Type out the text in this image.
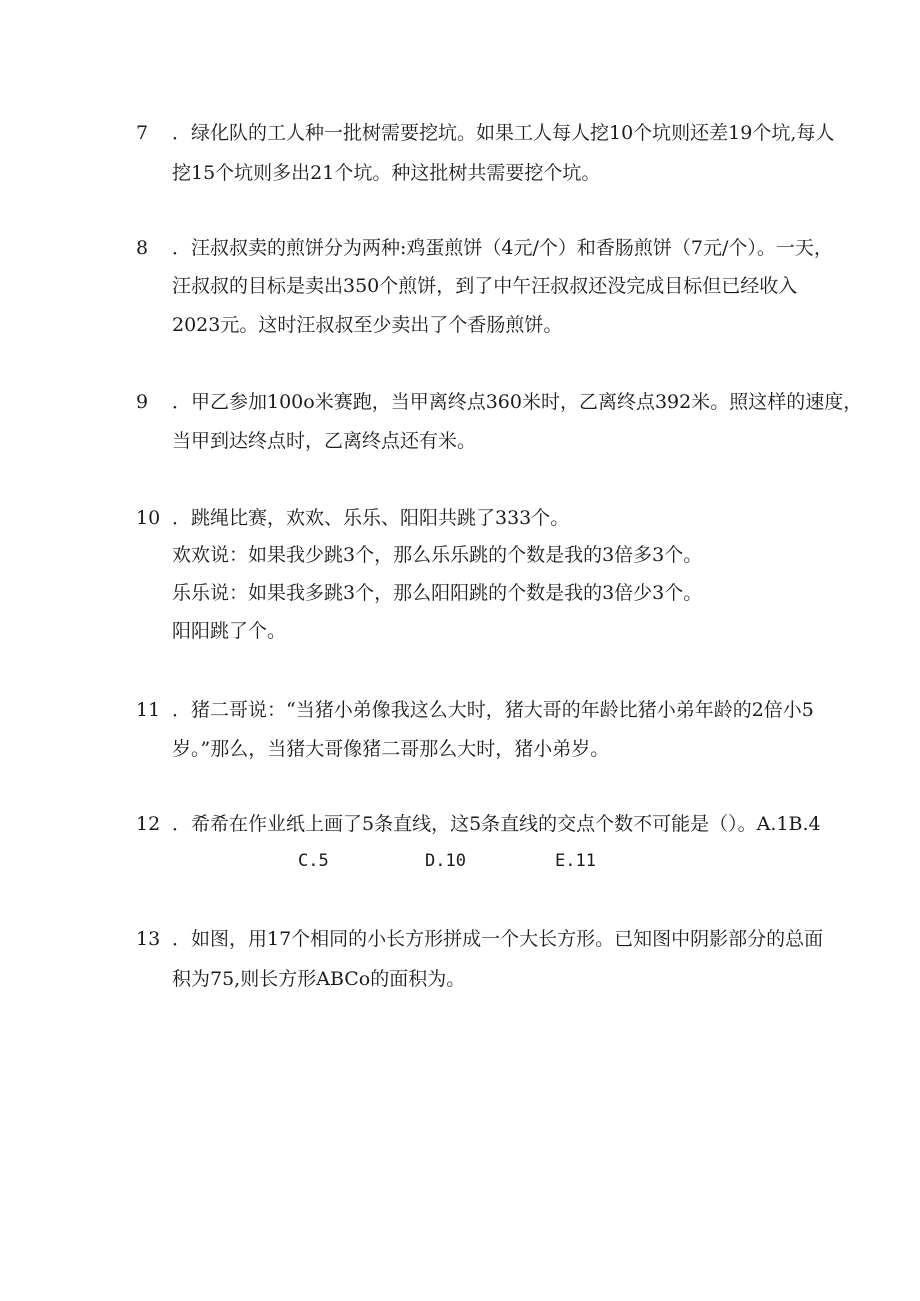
7 ．绿化队的工人种一批树需要挖坑。如果工人每人挖10个坑则还差19个坑,每人
挖15个坑则多出21个坑。种这批树共需要挖个坑。
8 ．汪叔叔卖的煎饼分为两种:鸡蛋煎饼（4元/个）和香肠煎饼（7元/个）。一天，
汪叔叔的目标是卖出350个煎饼，到了中午汪叔叔还没完成目标但已经收入
2023元。这时汪叔叔至少卖出了个香肠煎饼。
9 ．甲乙参加100o米赛跑，当甲离终点360米时，乙离终点392米。照这样的速度，
当甲到达终点时，乙离终点还有米。
10 ．跳绳比赛，欢欢、乐乐、阳阳共跳了333个。
欢欢说：如果我少跳3个，那么乐乐跳的个数是我的3倍多3个。
乐乐说：如果我多跳3个，那么阳阳跳的个数是我的3倍少3个。
阳阳跳了个。
11 ．猪二哥说：“当猪小弟像我这么大时，猪大哥的年龄比猪小弟年龄的2倍小5
岁。”那么，当猪大哥像猪二哥那么大时，猪小弟岁。
12 ．希希在作业纸上画了5条直线，这5条直线的交点个数不可能是（）。A.1B.4
C.5	D.10	E.11
13 ．如图，用17个相同的小长方形拼成一个大长方形。已知图中阴影部分的总面
积为75,则长方形ABCo的面积为。
